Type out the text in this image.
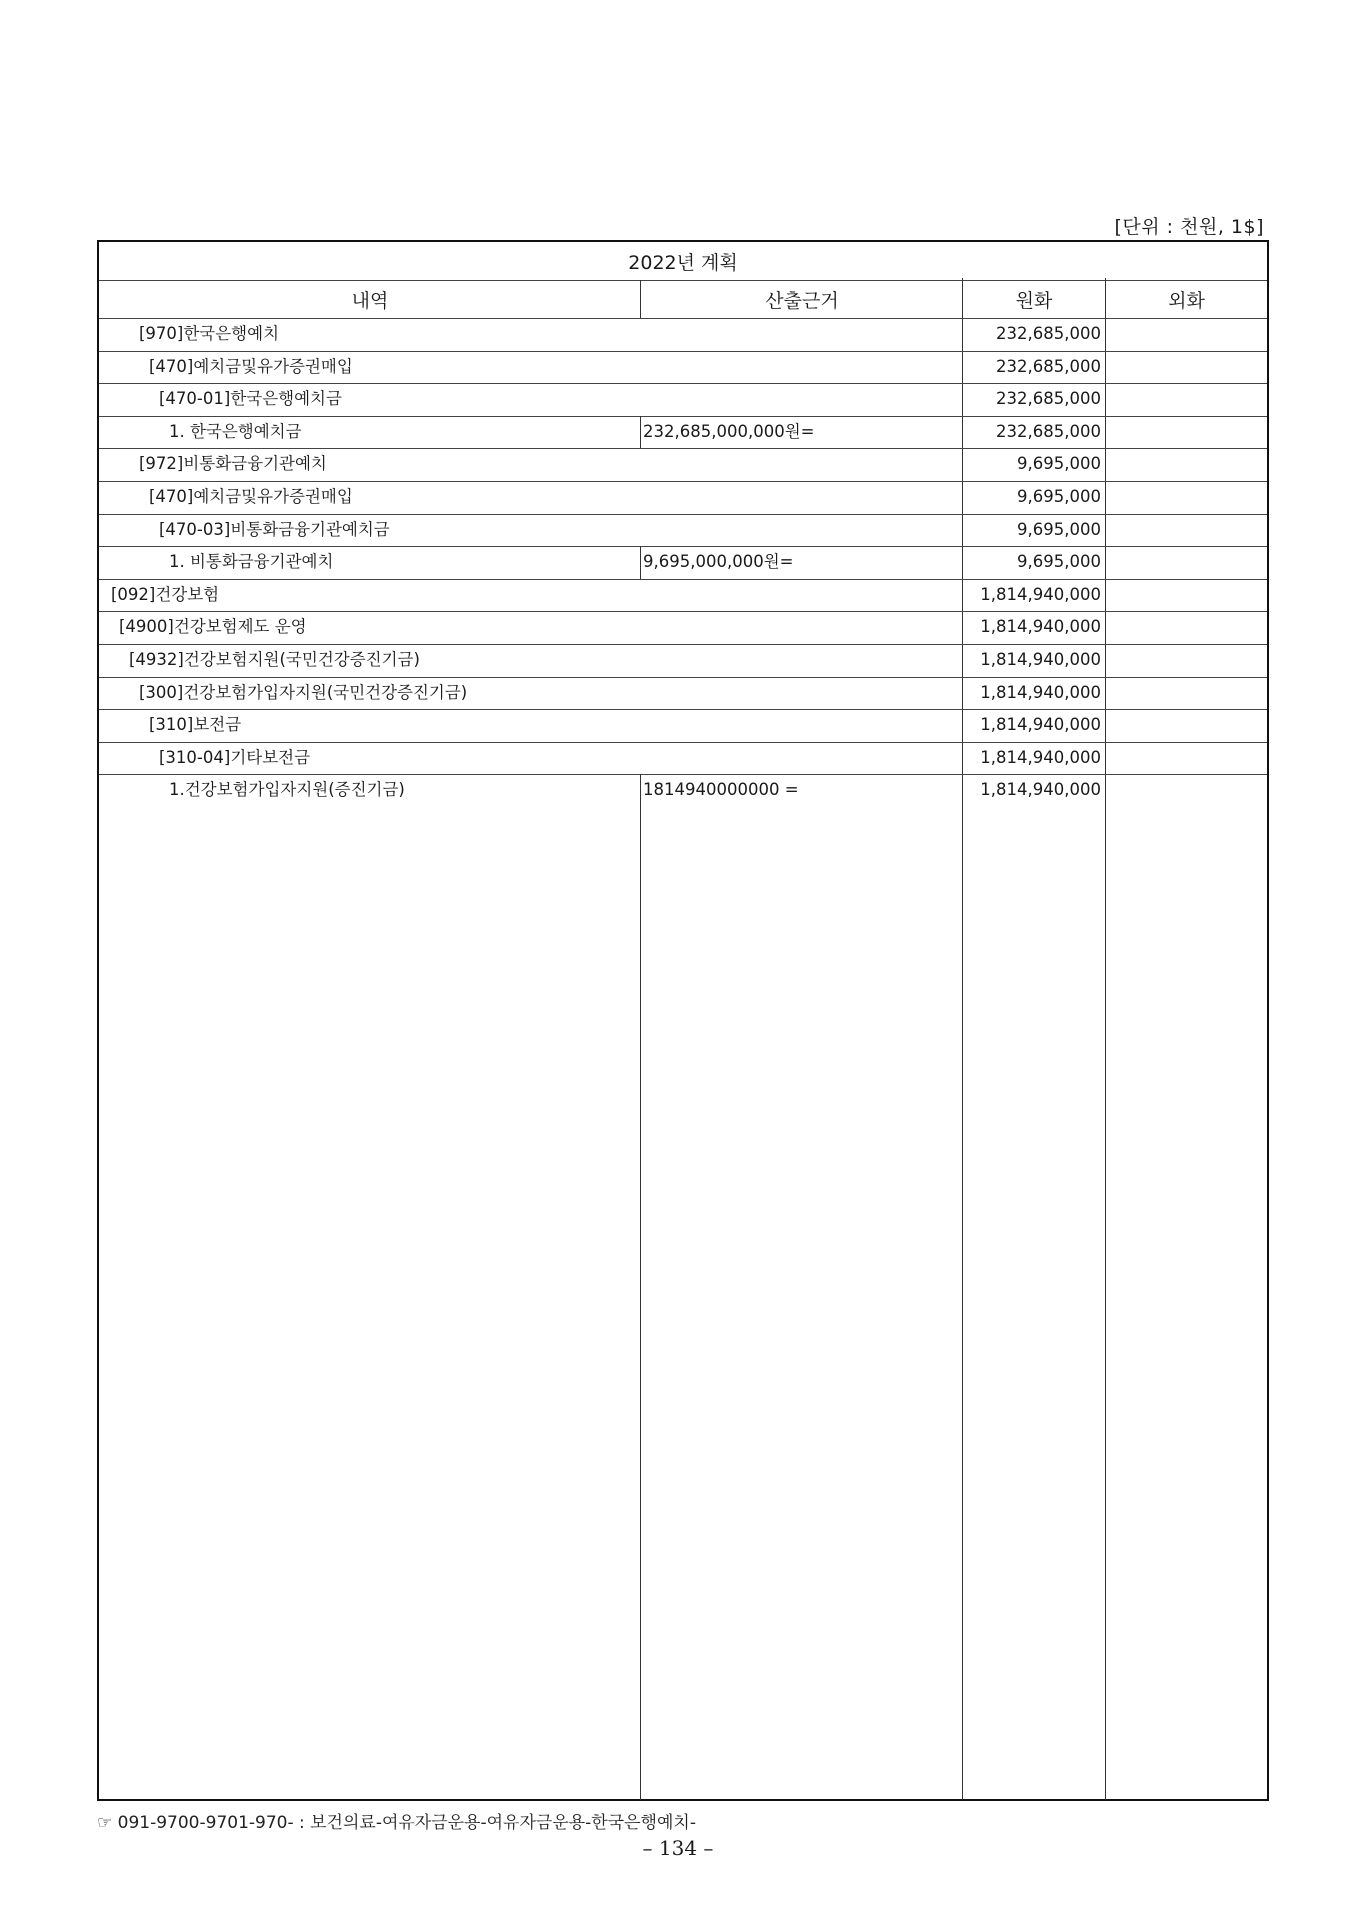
[단위 : 천원, 1$]
2022년 계획
내역	산출근거	원화	외화
[970]한국은행예치	232,685,000
[470]예치금및유가증권매입	232,685,000
[470-01]한국은행예치금	232,685,000
1. 한국은행예치금	232,685,000,000원=	232,685,000
[972]비통화금융기관예치	9,695,000
[470]예치금및유가증권매입	9,695,000
[470-03]비통화금융기관예치금	9,695,000
1. 비통화금융기관예치	9,695,000,000원=	9,695,000
[092]건강보험	1,814,940,000
[4900]건강보험제도 운영	1,814,940,000
[4932]건강보험지원(국민건강증진기금)	1,814,940,000
[300]건강보험가입자지원(국민건강증진기금)	1,814,940,000
[310]보전금	1,814,940,000
[310-04]기타보전금	1,814,940,000
1.건강보험가입자지원(증진기금)	1814940000000 =	1,814,940,000
☞ 091-9700-9701-970- : 보건의료-여유자금운용-여유자금운용-한국은행예치-
– 134 –
